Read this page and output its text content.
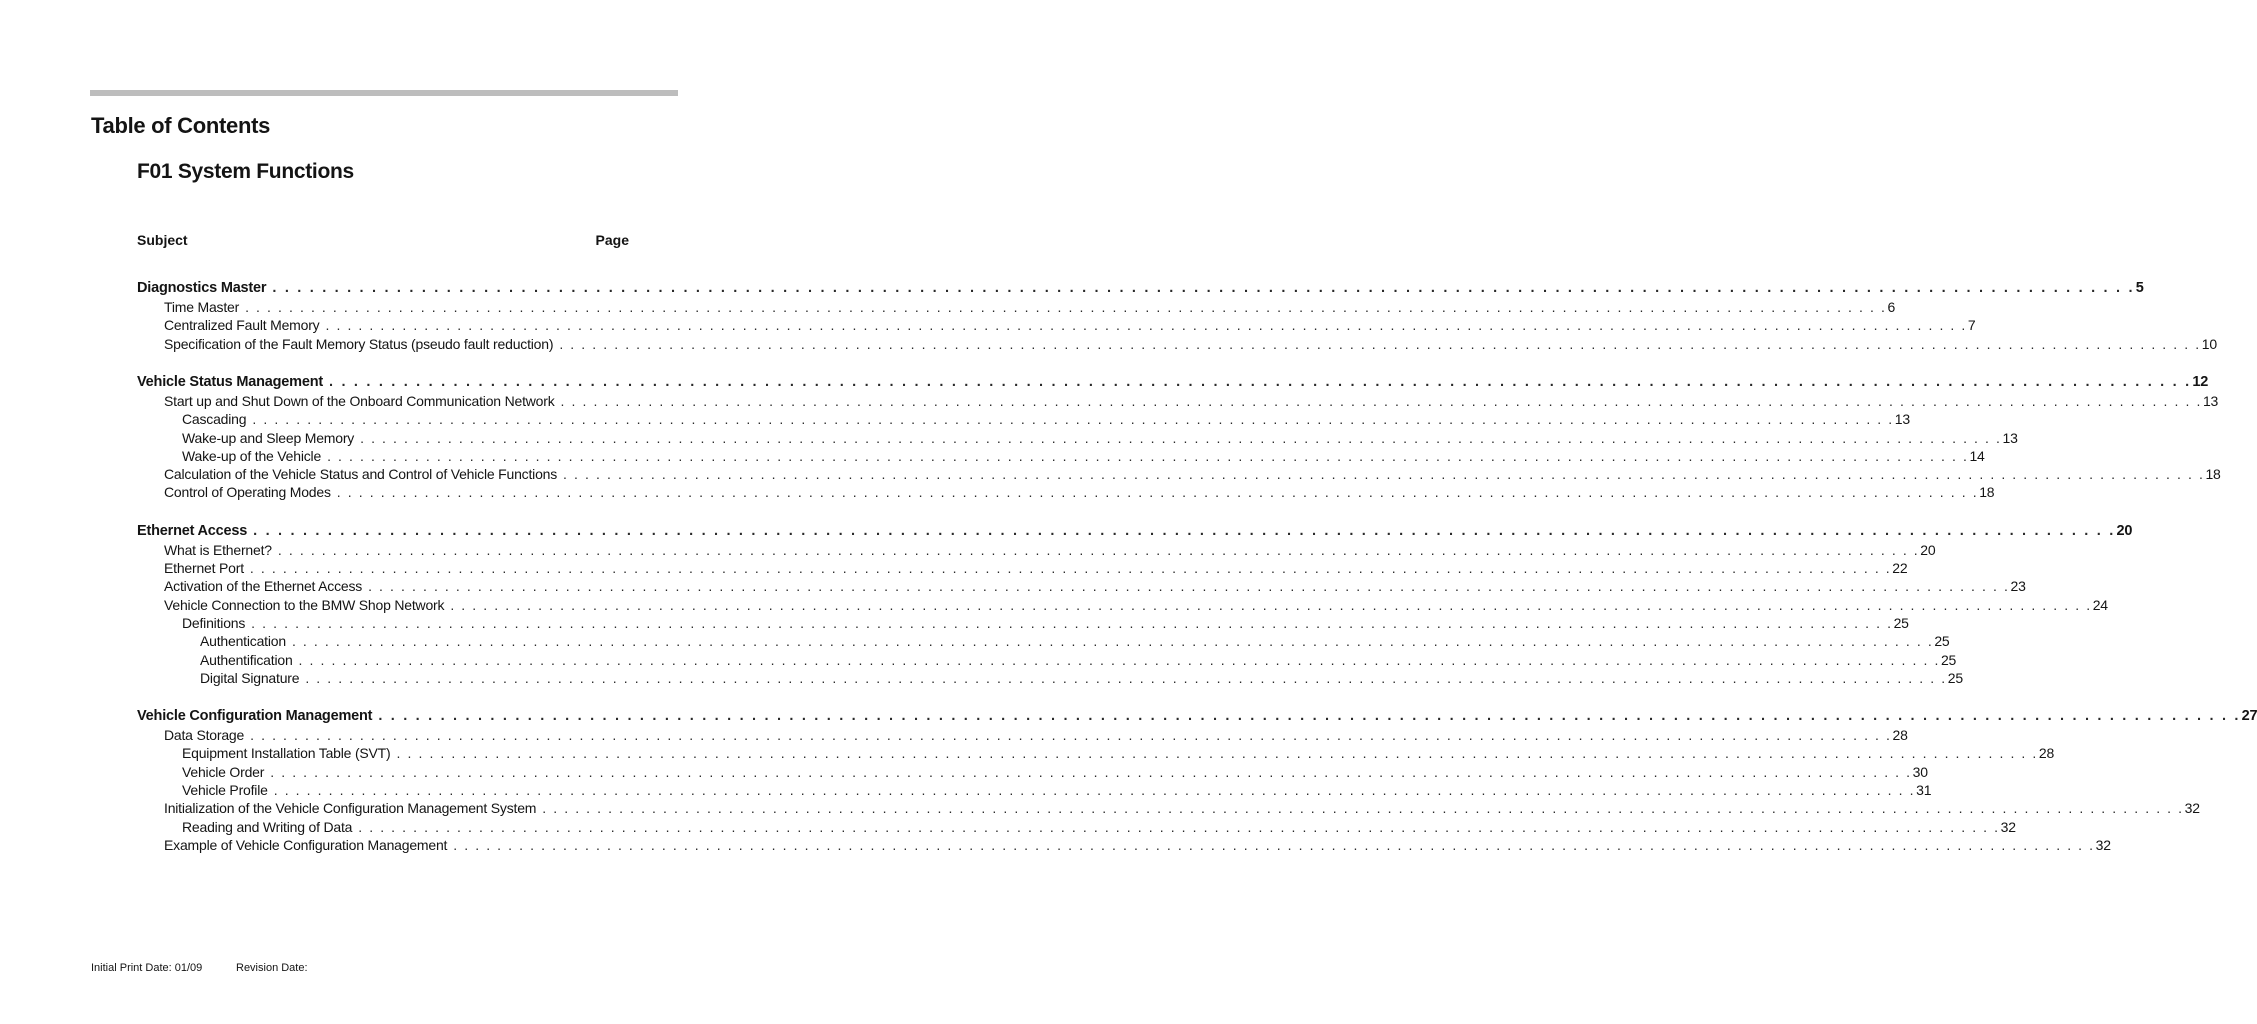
Table of Contents
F01 System Functions
Subject	Page
Diagnostics Master . . . . . . . . . . . . . . . . . . . . . . . . . . . . . . . . . . . . . . . . . . . . . . . . . . . . . . . . . . . . . . . . . . . . . . . . . . . . . . . . . . . . . . . . . . . . . . . . . . . . . . . . . . . . . . . . . . . . . . . . . . . . . . . . . . . . . . . . . . . . . . . . . . . . . . 5
Time Master . . . . . . . . . . . . . . . . . . . . . . . . . . . . . . . . . . . . . . . . . . . . . . . . . . . . . . . . . . . . . . . . . . . . . . . . . . . . . . . . . . . . . . . . . . . . . . . . . . . . . . . . . . . . . . . . . . . . . . . . . . . . . . . . . . . . . . . . . . . . . . . . . . . . . . 6
Centralized Fault Memory . . . . . . . . . . . . . . . . . . . . . . . . . . . . . . . . . . . . . . . . . . . . . . . . . . . . . . . . . . . . . . . . . . . . . . . . . . . . . . . . . . . . . . . . . . . . . . . . . . . . . . . . . . . . . . . . . . . . . . . . . . . . . . . . . . . . . . . . . . . . . . . . . . . . . . 7
Specification of the Fault Memory Status (pseudo fault reduction) . . . . . . . . . . . . . . . . . . . . . . . . . . . . . . . . . . . . . . . . . . . . . . . . . . . . . . . . . . . . . . . . . . . . . . . . . . . . . . . . . . . . . . . . . . . . . . . . . . . . . . . . . . . . . . . . . . . . . . . . . . . . . . . . . . . . . . . . . . . . . . . . . . . . . . 10
Vehicle Status Management . . . . . . . . . . . . . . . . . . . . . . . . . . . . . . . . . . . . . . . . . . . . . . . . . . . . . . . . . . . . . . . . . . . . . . . . . . . . . . . . . . . . . . . . . . . . . . . . . . . . . . . . . . . . . . . . . . . . . . . . . . . . . . . . . . . . . . . . . . . . . . . . . . . . . . 12
Start up and Shut Down of the Onboard Communication Network . . . . . . . . . . . . . . . . . . . . . . . . . . . . . . . . . . . . . . . . . . . . . . . . . . . . . . . . . . . . . . . . . . . . . . . . . . . . . . . . . . . . . . . . . . . . . . . . . . . . . . . . . . . . . . . . . . . . . . . . . . . . . . . . . . . . . . . . . . . . . . . . . . . . . . 13
Cascading . . . . . . . . . . . . . . . . . . . . . . . . . . . . . . . . . . . . . . . . . . . . . . . . . . . . . . . . . . . . . . . . . . . . . . . . . . . . . . . . . . . . . . . . . . . . . . . . . . . . . . . . . . . . . . . . . . . . . . . . . . . . . . . . . . . . . . . . . . . . . . . . . . . . . . 13
Wake-up and Sleep Memory . . . . . . . . . . . . . . . . . . . . . . . . . . . . . . . . . . . . . . . . . . . . . . . . . . . . . . . . . . . . . . . . . . . . . . . . . . . . . . . . . . . . . . . . . . . . . . . . . . . . . . . . . . . . . . . . . . . . . . . . . . . . . . . . . . . . . . . . . . . . . . . . . . . . . . 13
Wake-up of the Vehicle . . . . . . . . . . . . . . . . . . . . . . . . . . . . . . . . . . . . . . . . . . . . . . . . . . . . . . . . . . . . . . . . . . . . . . . . . . . . . . . . . . . . . . . . . . . . . . . . . . . . . . . . . . . . . . . . . . . . . . . . . . . . . . . . . . . . . . . . . . . . . . . . . . . . . . 14
Calculation of the Vehicle Status and Control of Vehicle Functions . . . . . . . . . . . . . . . . . . . . . . . . . . . . . . . . . . . . . . . . . . . . . . . . . . . . . . . . . . . . . . . . . . . . . . . . . . . . . . . . . . . . . . . . . . . . . . . . . . . . . . . . . . . . . . . . . . . . . . . . . . . . . . . . . . . . . . . . . . . . . . . . . . . . . . 18
Control of Operating Modes . . . . . . . . . . . . . . . . . . . . . . . . . . . . . . . . . . . . . . . . . . . . . . . . . . . . . . . . . . . . . . . . . . . . . . . . . . . . . . . . . . . . . . . . . . . . . . . . . . . . . . . . . . . . . . . . . . . . . . . . . . . . . . . . . . . . . . . . . . . . . . . . . . . . . . 18
Ethernet Access . . . . . . . . . . . . . . . . . . . . . . . . . . . . . . . . . . . . . . . . . . . . . . . . . . . . . . . . . . . . . . . . . . . . . . . . . . . . . . . . . . . . . . . . . . . . . . . . . . . . . . . . . . . . . . . . . . . . . . . . . . . . . . . . . . . . . . . . . . . . . . . . . . . . . . 20
What is Ethernet? . . . . . . . . . . . . . . . . . . . . . . . . . . . . . . . . . . . . . . . . . . . . . . . . . . . . . . . . . . . . . . . . . . . . . . . . . . . . . . . . . . . . . . . . . . . . . . . . . . . . . . . . . . . . . . . . . . . . . . . . . . . . . . . . . . . . . . . . . . . . . . . . . . . . . . 20
Ethernet Port . . . . . . . . . . . . . . . . . . . . . . . . . . . . . . . . . . . . . . . . . . . . . . . . . . . . . . . . . . . . . . . . . . . . . . . . . . . . . . . . . . . . . . . . . . . . . . . . . . . . . . . . . . . . . . . . . . . . . . . . . . . . . . . . . . . . . . . . . . . . . . . . . . . . . . 22
Activation of the Ethernet Access . . . . . . . . . . . . . . . . . . . . . . . . . . . . . . . . . . . . . . . . . . . . . . . . . . . . . . . . . . . . . . . . . . . . . . . . . . . . . . . . . . . . . . . . . . . . . . . . . . . . . . . . . . . . . . . . . . . . . . . . . . . . . . . . . . . . . . . . . . . . . . . . . . . . . . 23
Vehicle Connection to the BMW Shop Network . . . . . . . . . . . . . . . . . . . . . . . . . . . . . . . . . . . . . . . . . . . . . . . . . . . . . . . . . . . . . . . . . . . . . . . . . . . . . . . . . . . . . . . . . . . . . . . . . . . . . . . . . . . . . . . . . . . . . . . . . . . . . . . . . . . . . . . . . . . . . . . . . . . . . . 24
Definitions . . . . . . . . . . . . . . . . . . . . . . . . . . . . . . . . . . . . . . . . . . . . . . . . . . . . . . . . . . . . . . . . . . . . . . . . . . . . . . . . . . . . . . . . . . . . . . . . . . . . . . . . . . . . . . . . . . . . . . . . . . . . . . . . . . . . . . . . . . . . . . . . . . . . . . 25
Authentication . . . . . . . . . . . . . . . . . . . . . . . . . . . . . . . . . . . . . . . . . . . . . . . . . . . . . . . . . . . . . . . . . . . . . . . . . . . . . . . . . . . . . . . . . . . . . . . . . . . . . . . . . . . . . . . . . . . . . . . . . . . . . . . . . . . . . . . . . . . . . . . . . . . . . . 25
Authentification . . . . . . . . . . . . . . . . . . . . . . . . . . . . . . . . . . . . . . . . . . . . . . . . . . . . . . . . . . . . . . . . . . . . . . . . . . . . . . . . . . . . . . . . . . . . . . . . . . . . . . . . . . . . . . . . . . . . . . . . . . . . . . . . . . . . . . . . . . . . . . . . . . . . . . 25
Digital Signature . . . . . . . . . . . . . . . . . . . . . . . . . . . . . . . . . . . . . . . . . . . . . . . . . . . . . . . . . . . . . . . . . . . . . . . . . . . . . . . . . . . . . . . . . . . . . . . . . . . . . . . . . . . . . . . . . . . . . . . . . . . . . . . . . . . . . . . . . . . . . . . . . . . . . . 25
Vehicle Configuration Management . . . . . . . . . . . . . . . . . . . . . . . . . . . . . . . . . . . . . . . . . . . . . . . . . . . . . . . . . . . . . . . . . . . . . . . . . . . . . . . . . . . . . . . . . . . . . . . . . . . . . . . . . . . . . . . . . . . . . . . . . . . . . . . . . . . . . . . . . . . . . . . . . . . . . . 27
Data Storage . . . . . . . . . . . . . . . . . . . . . . . . . . . . . . . . . . . . . . . . . . . . . . . . . . . . . . . . . . . . . . . . . . . . . . . . . . . . . . . . . . . . . . . . . . . . . . . . . . . . . . . . . . . . . . . . . . . . . . . . . . . . . . . . . . . . . . . . . . . . . . . . . . . . . . 28
Equipment Installation Table (SVT) . . . . . . . . . . . . . . . . . . . . . . . . . . . . . . . . . . . . . . . . . . . . . . . . . . . . . . . . . . . . . . . . . . . . . . . . . . . . . . . . . . . . . . . . . . . . . . . . . . . . . . . . . . . . . . . . . . . . . . . . . . . . . . . . . . . . . . . . . . . . . . . . . . . . . . 28
Vehicle Order . . . . . . . . . . . . . . . . . . . . . . . . . . . . . . . . . . . . . . . . . . . . . . . . . . . . . . . . . . . . . . . . . . . . . . . . . . . . . . . . . . . . . . . . . . . . . . . . . . . . . . . . . . . . . . . . . . . . . . . . . . . . . . . . . . . . . . . . . . . . . . . . . . . . . . 30
Vehicle Profile . . . . . . . . . . . . . . . . . . . . . . . . . . . . . . . . . . . . . . . . . . . . . . . . . . . . . . . . . . . . . . . . . . . . . . . . . . . . . . . . . . . . . . . . . . . . . . . . . . . . . . . . . . . . . . . . . . . . . . . . . . . . . . . . . . . . . . . . . . . . . . . . . . . . . . 31
Initialization of the Vehicle Configuration Management System . . . . . . . . . . . . . . . . . . . . . . . . . . . . . . . . . . . . . . . . . . . . . . . . . . . . . . . . . . . . . . . . . . . . . . . . . . . . . . . . . . . . . . . . . . . . . . . . . . . . . . . . . . . . . . . . . . . . . . . . . . . . . . . . . . . . . . . . . . . . . . . . . . . . . . 32
Reading and Writing of Data . . . . . . . . . . . . . . . . . . . . . . . . . . . . . . . . . . . . . . . . . . . . . . . . . . . . . . . . . . . . . . . . . . . . . . . . . . . . . . . . . . . . . . . . . . . . . . . . . . . . . . . . . . . . . . . . . . . . . . . . . . . . . . . . . . . . . . . . . . . . . . . . . . . . . . 32
Example of Vehicle Configuration Management . . . . . . . . . . . . . . . . . . . . . . . . . . . . . . . . . . . . . . . . . . . . . . . . . . . . . . . . . . . . . . . . . . . . . . . . . . . . . . . . . . . . . . . . . . . . . . . . . . . . . . . . . . . . . . . . . . . . . . . . . . . . . . . . . . . . . . . . . . . . . . . . . . . . . . 32
Initial Print Date: 01/09	Revision Date:
